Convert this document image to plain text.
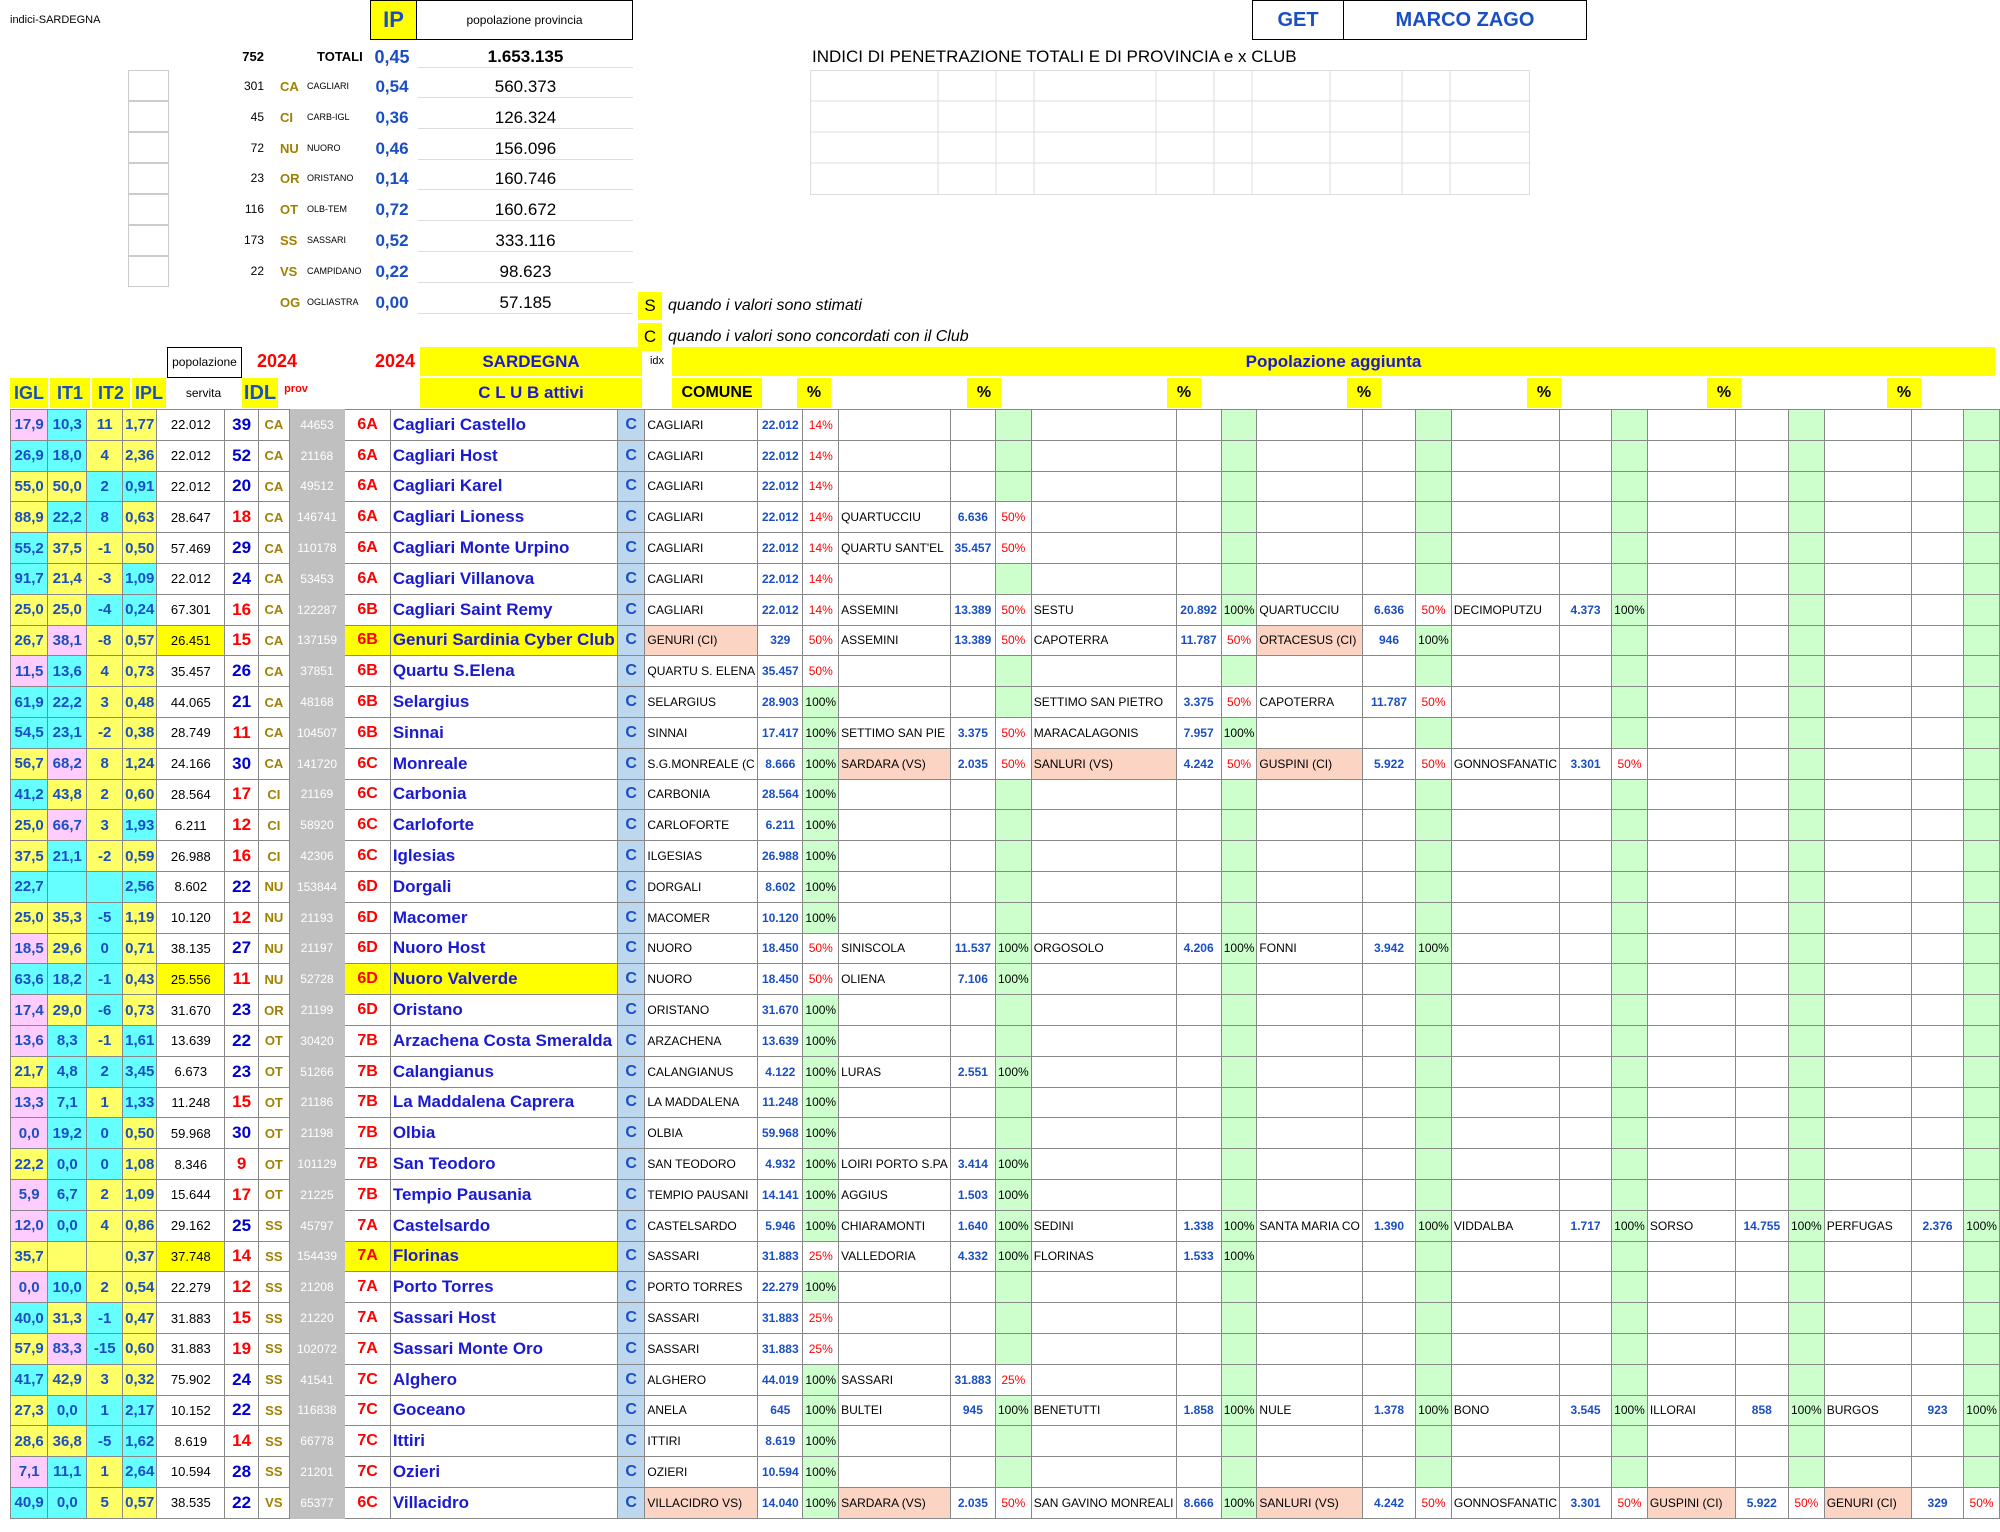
indici-SARDEGNA	IP	popolazione provincia	GET	MARCO ZAGO
INDICI DI PENETRAZIONE TOTALI E DI PROVINCIA e x CLUB
752	TOTALI 0,45	1.653.135
301 CA CAGLIARI	0,54	560.373
45 CI CARB-IGL	0,36	126.324
72 NU NUORO	0,46	156.096
23 OR ORISTANO	0,14	160.746
116 OT OLB-TEM	0,72	160.672
173 SS SASSARI	0,52	333.116
22 VS CAMPIDANO 0,22	98.623
OG OGLIASTRA 0,00	57.185	S quando i valori sono stimati
C quando i valori sono concordati con il Club
popolazione	2024	2024	SARDEGNA	idx	Popolazione aggiunta
IGL IT1 IT2 IPL	servita	IDL prov	C L U B attivi	COMUNE	%	%	%	%	%	%	%
17,9	10,3	11	1,77	22.012	39	CA	44653	6A	Cagliari Castello	C	CAGLIARI	22.012	14%																		
26,9	18,0	4	2,36	22.012	52	CA	21168	6A	Cagliari Host	C	CAGLIARI	22.012	14%																		
55,0	50,0	2	0,91	22.012	20	CA	49512	6A	Cagliari Karel	C	CAGLIARI	22.012	14%																		
88,9	22,2	8	0,63	28.647	18	CA	146741	6A	Cagliari Lioness	C	CAGLIARI	22.012	14%	QUARTUCCIU	6.636	50%															
55,2	37,5	-1	0,50	57.469	29	CA	110178	6A	Cagliari Monte Urpino	C	CAGLIARI	22.012	14%	QUARTU SANT'EL	35.457	50%															
91,7	21,4	-3	1,09	22.012	24	CA	53453	6A	Cagliari Villanova	C	CAGLIARI	22.012	14%																		
25,0	25,0	-4	0,24	67.301	16	CA	122287	6B	Cagliari Saint Remy	C	CAGLIARI	22.012	14%	ASSEMINI	13.389	50%	SESTU	20.892	100%	QUARTUCCIU	6.636	50%	DECIMOPUTZU	4.373	100%						
26,7	38,1	-8	0,57	26.451	15	CA	137159	6B	Genuri Sardinia Cyber Club	C	GENURI (CI)	329	50%	ASSEMINI	13.389	50%	CAPOTERRA	11.787	50%	ORTACESUS (CI)	946	100%									
11,5	13,6	4	0,73	35.457	26	CA	37851	6B	Quartu S.Elena	C	QUARTU S. ELENA	35.457	50%																		
61,9	22,2	3	0,48	44.065	21	CA	48168	6B	Selargius	C	SELARGIUS	28.903	100%				SETTIMO SAN PIETRO	3.375	50%	CAPOTERRA	11.787	50%									
54,5	23,1	-2	0,38	28.749	11	CA	104507	6B	Sinnai	C	SINNAI	17.417	100%	SETTIMO SAN PIE	3.375	50%	MARACALAGONIS	7.957	100%												
56,7	68,2	8	1,24	24.166	30	CA	141720	6C	Monreale	C	S.G.MONREALE (C	8.666	100%	SARDARA (VS)	2.035	50%	SANLURI (VS)	4.242	50%	GUSPINI (CI)	5.922	50%	GONNOSFANATIC	3.301	50%						
41,2	43,8	2	0,60	28.564	17	CI	21169	6C	Carbonia	C	CARBONIA	28.564	100%																		
25,0	66,7	3	1,93	6.211	12	CI	58920	6C	Carloforte	C	CARLOFORTE	6.211	100%																		
37,5	21,1	-2	0,59	26.988	16	CI	42306	6C	Iglesias	C	ILGESIAS	26.988	100%																		
22,7			2,56	8.602	22	NU	153844	6D	Dorgali	C	DORGALI	8.602	100%																		
25,0	35,3	-5	1,19	10.120	12	NU	21193	6D	Macomer	C	MACOMER	10.120	100%																		
18,5	29,6	0	0,71	38.135	27	NU	21197	6D	Nuoro Host	C	NUORO	18.450	50%	SINISCOLA	11.537	100%	ORGOSOLO	4.206	100%	FONNI	3.942	100%									
63,6	18,2	-1	0,43	25.556	11	NU	52728	6D	Nuoro Valverde	C	NUORO	18.450	50%	OLIENA	7.106	100%															
17,4	29,0	-6	0,73	31.670	23	OR	21199	6D	Oristano	C	ORISTANO	31.670	100%																		
13,6	8,3	-1	1,61	13.639	22	OT	30420	7B	Arzachena Costa Smeralda	C	ARZACHENA	13.639	100%																		
21,7	4,8	2	3,45	6.673	23	OT	51266	7B	Calangianus	C	CALANGIANUS	4.122	100%	LURAS	2.551	100%															
13,3	7,1	1	1,33	11.248	15	OT	21186	7B	La Maddalena Caprera	C	LA MADDALENA	11.248	100%																		
0,0	19,2	0	0,50	59.968	30	OT	21198	7B	Olbia	C	OLBIA	59.968	100%																		
22,2	0,0	0	1,08	8.346	9	OT	101129	7B	San Teodoro	C	SAN TEODORO	4.932	100%	LOIRI PORTO S.PA	3.414	100%															
5,9	6,7	2	1,09	15.644	17	OT	21225	7B	Tempio Pausania	C	TEMPIO PAUSANI	14.141	100%	AGGIUS	1.503	100%															
12,0	0,0	4	0,86	29.162	25	SS	45797	7A	Castelsardo	C	CASTELSARDO	5.946	100%	CHIARAMONTI	1.640	100%	SEDINI	1.338	100%	SANTA MARIA CO	1.390	100%	VIDDALBA	1.717	100%	SORSO	14.755	100%	PERFUGAS	2.376	100%
35,7			0,37	37.748	14	SS	154439	7A	Florinas	C	SASSARI	31.883	25%	VALLEDORIA	4.332	100%	FLORINAS	1.533	100%												
0,0	10,0	2	0,54	22.279	12	SS	21208	7A	Porto Torres	C	PORTO TORRES	22.279	100%																		
40,0	31,3	-1	0,47	31.883	15	SS	21220	7A	Sassari Host	C	SASSARI	31.883	25%																		
57,9	83,3	-15	0,60	31.883	19	SS	102072	7A	Sassari Monte Oro	C	SASSARI	31.883	25%																		
41,7	42,9	3	0,32	75.902	24	SS	41541	7C	Alghero	C	ALGHERO	44.019	100%	SASSARI	31.883	25%															
27,3	0,0	1	2,17	10.152	22	SS	116838	7C	Goceano	C	ANELA	645	100%	BULTEI	945	100%	BENETUTTI	1.858	100%	NULE	1.378	100%	BONO	3.545	100%	ILLORAI	858	100%	BURGOS	923	100%
28,6	36,8	-5	1,62	8.619	14	SS	66778	7C	Ittiri	C	ITTIRI	8.619	100%																		
7,1	11,1	1	2,64	10.594	28	SS	21201	7C	Ozieri	C	OZIERI	10.594	100%																		
40,9	0,0	5	0,57	38.535	22	VS	65377	6C	Villacidro	C	VILLACIDRO VS)	14.040	100%	SARDARA (VS)	2.035	50%	SAN GAVINO MONREALI	8.666	100%	SANLURI (VS)	4.242	50%	GONNOSFANATIC	3.301	50%	GUSPINI (CI)	5.922	50%	GENURI (CI)	329	50%
